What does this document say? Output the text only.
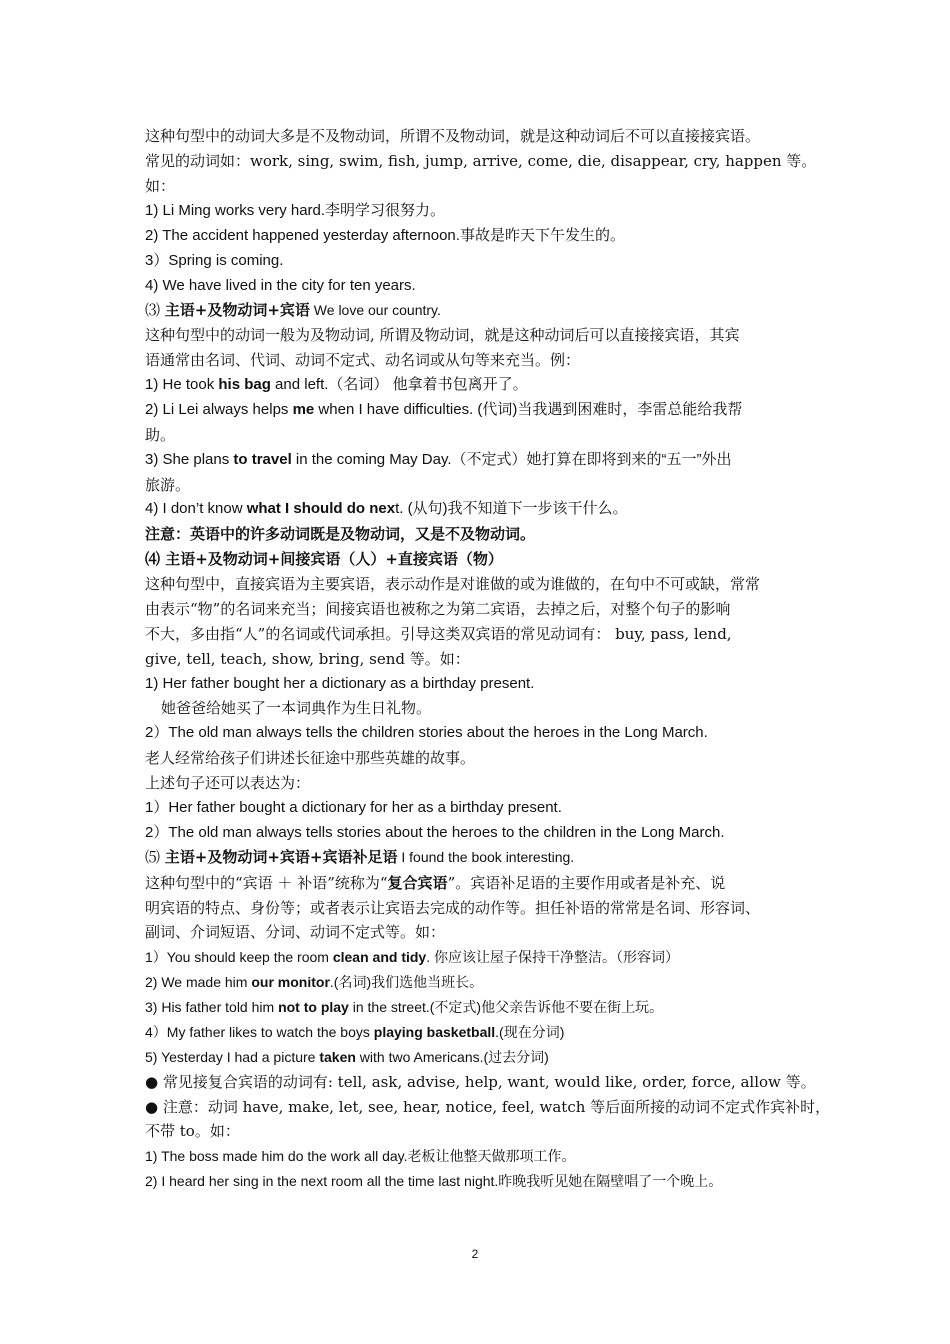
这种句型中的动词大多是不及物动词，所谓不及物动词，就是这种动词后不可以直接接宾语。
常见的动词如：work, sing, swim, fish, jump, arrive, come, die, disappear, cry, happen 等。
如：
1) Li Ming works very hard.李明学习很努力。
2) The accident happened yesterday afternoon.事故是昨天下午发生的。
3）Spring is coming.
4) We have lived in the city for ten years.
⑶ 主语+及物动词+宾语 We love our country.
这种句型中的动词一般为及物动词, 所谓及物动词，就是这种动词后可以直接接宾语，其宾
语通常由名词、代词、动词不定式、动名词或从句等来充当。例：
1) He took his bag and left.（名词） 他拿着书包离开了。
2) Li Lei always helps me when I have difficulties. (代词)当我遇到困难时，李雷总能给我帮
助。
3) She plans to travel in the coming May Day.（不定式）她打算在即将到来的“五一”外出
旅游。
4) I don’t know what I should do next. (从句)我不知道下一步该干什么。
注意：英语中的许多动词既是及物动词，又是不及物动词。
⑷ 主语+及物动词+间接宾语（人）+直接宾语（物）
这种句型中，直接宾语为主要宾语，表示动作是对谁做的或为谁做的，在句中不可或缺，常常
由表示“物”的名词来充当；间接宾语也被称之为第二宾语，去掉之后，对整个句子的影响
不大，多由指“人”的名词或代词承担。引导这类双宾语的常见动词有： buy, pass, lend,
give, tell, teach, show, bring, send 等。如：
1) Her father bought her a dictionary as a birthday present.
她爸爸给她买了一本词典作为生日礼物。
2）The old man always tells the children stories about the heroes in the Long March.
老人经常给孩子们讲述长征途中那些英雄的故事。
上述句子还可以表达为：
1）Her father bought a dictionary for her as a birthday present.
2）The old man always tells stories about the heroes to the children in the Long March.
⑸ 主语+及物动词+宾语+宾语补足语 I found the book interesting.
这种句型中的“宾语 ＋ 补语”统称为“复合宾语”。宾语补足语的主要作用或者是补充、说
明宾语的特点、身份等；或者表示让宾语去完成的动作等。担任补语的常常是名词、形容词、
副词、介词短语、分词、动词不定式等。如：
1）You should keep the room clean and tidy. 你应该让屋子保持干净整洁。（形容词）
2) We made him our monitor.(名词)我们选他当班长。
3) His father told him not to play in the street.(不定式)他父亲告诉他不要在街上玩。
4）My father likes to watch the boys playing basketball.(现在分词)
5) Yesterday I had a picture taken with two Americans.(过去分词)
● 常见接复合宾语的动词有: tell, ask, advise, help, want, would like, order, force, allow 等。
● 注意：动词 have, make, let, see, hear, notice, feel, watch 等后面所接的动词不定式作宾补时，
不带 to。如：
1) The boss made him do the work all day.老板让他整天做那项工作。
2) I heard her sing in the next room all the time last night.昨晚我听见她在隔壁唱了一个晚上。
2
